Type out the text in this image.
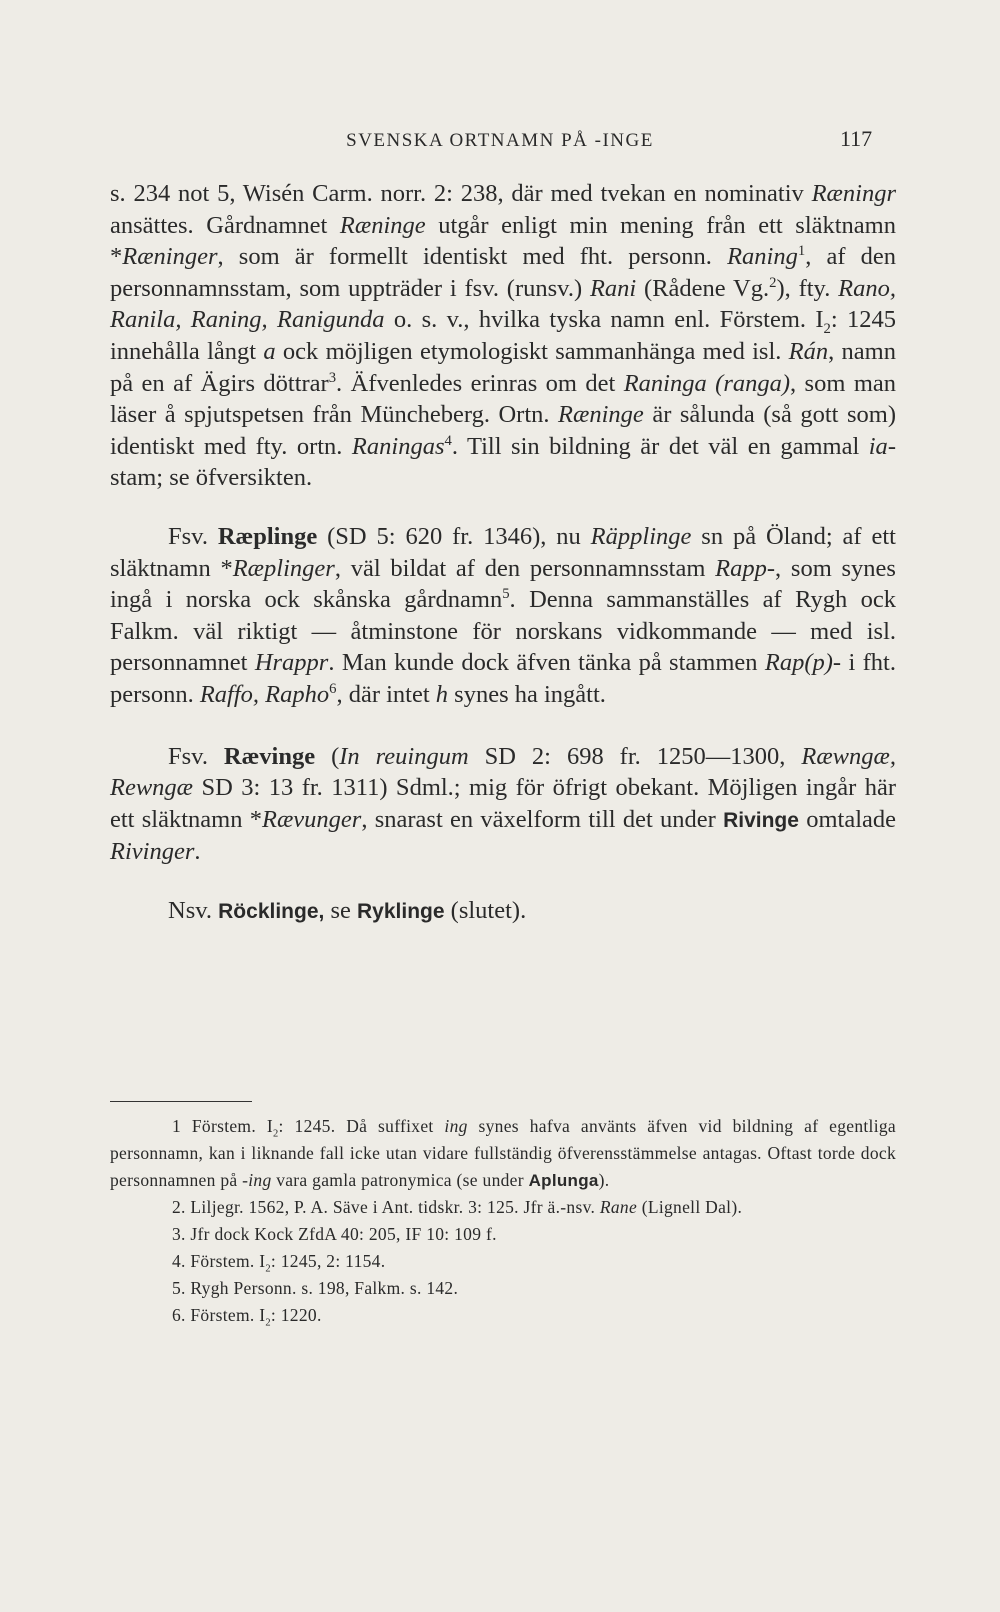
SVENSKA ORTNAMN PÅ -INGE	117

s. 234 not 5, Wisén Carm. norr. 2: 238, där med tvekan en nominativ Ræningr ansättes. Gårdnamnet Ræninge utgår enligt min mening från ett släktnamn *Ræninger, som är formellt identiskt med fht. personn. Raning$^1$, af den personnamnsstam, som uppträder i fsv. (runsv.) Rani (Rådene Vg.$^2$), fty. Rano, Ranila, Raning, Ranigunda o. s. v., hvilka tyska namn enl. Förstem. $I_2$: 1245 innehålla långt a ock möjligen etymologiskt sammanhänga med isl. Rán, namn på en af Ägirs döttrar$^3$. Äfvenledes erinras om det Raninga (ranga), som man läser å spjutspetsen från Müncheberg. Ortn. Ræninge är sålunda (så gott som) identiskt med fty. ortn. Raningas$^4$. Till sin bildning är det väl en gammal ia-stam; se öfversikten.

Fsv. Ræplinge (SD 5: 620 fr. 1346), nu Räpplinge sn på Öland; af ett släktnamn *Ræplinger, väl bildat af den personnamnsstam Rapp-, som synes ingå i norska ock skånska gårdnamn$^5$. Denna sammanställes af Rygh ock Falkm. väl riktigt — åtminstone för norskans vidkommande — med isl. personnamnet Hrappr. Man kunde dock äfven tänka på stammen Rap(p)- i fht. personn. Raffo, Rapho$^6$, där intet h synes ha ingått.

Fsv. Rævinge (In reuingum SD 2: 698 fr. 1250—1300, Ræwngæ, Rewngæ SD 3: 13 fr. 1311) Sdml.; mig för öfrigt obekant. Möjligen ingår här ett släktnamn *Rævunger, snarast en växelform till det under Rivinge omtalade Rivinger.

Nsv. Röcklinge, se Ryklinge (slutet).

1 Förstem. $I_2$: 1245. Då suffixet ing synes hafva använts äfven vid bildning af egentliga personnamn, kan i liknande fall icke utan vidare fullständig öfverensstämmelse antagas. Oftast torde dock personnamnen på -ing vara gamla patronymica (se under Aplunga).

2. Liljegr. 1562, P. A. Säve i Ant. tidskr. 3: 125. Jfr ä.-nsv. Rane (Lignell Dal).

3. Jfr dock Kock ZfdA 40: 205, IF 10: 109 f.

4. Förstem. $I_2$: 1245, 2: 1154.

5. Rygh Personn. s. 198, Falkm. s. 142.

6. Förstem. $I_2$: 1220.
